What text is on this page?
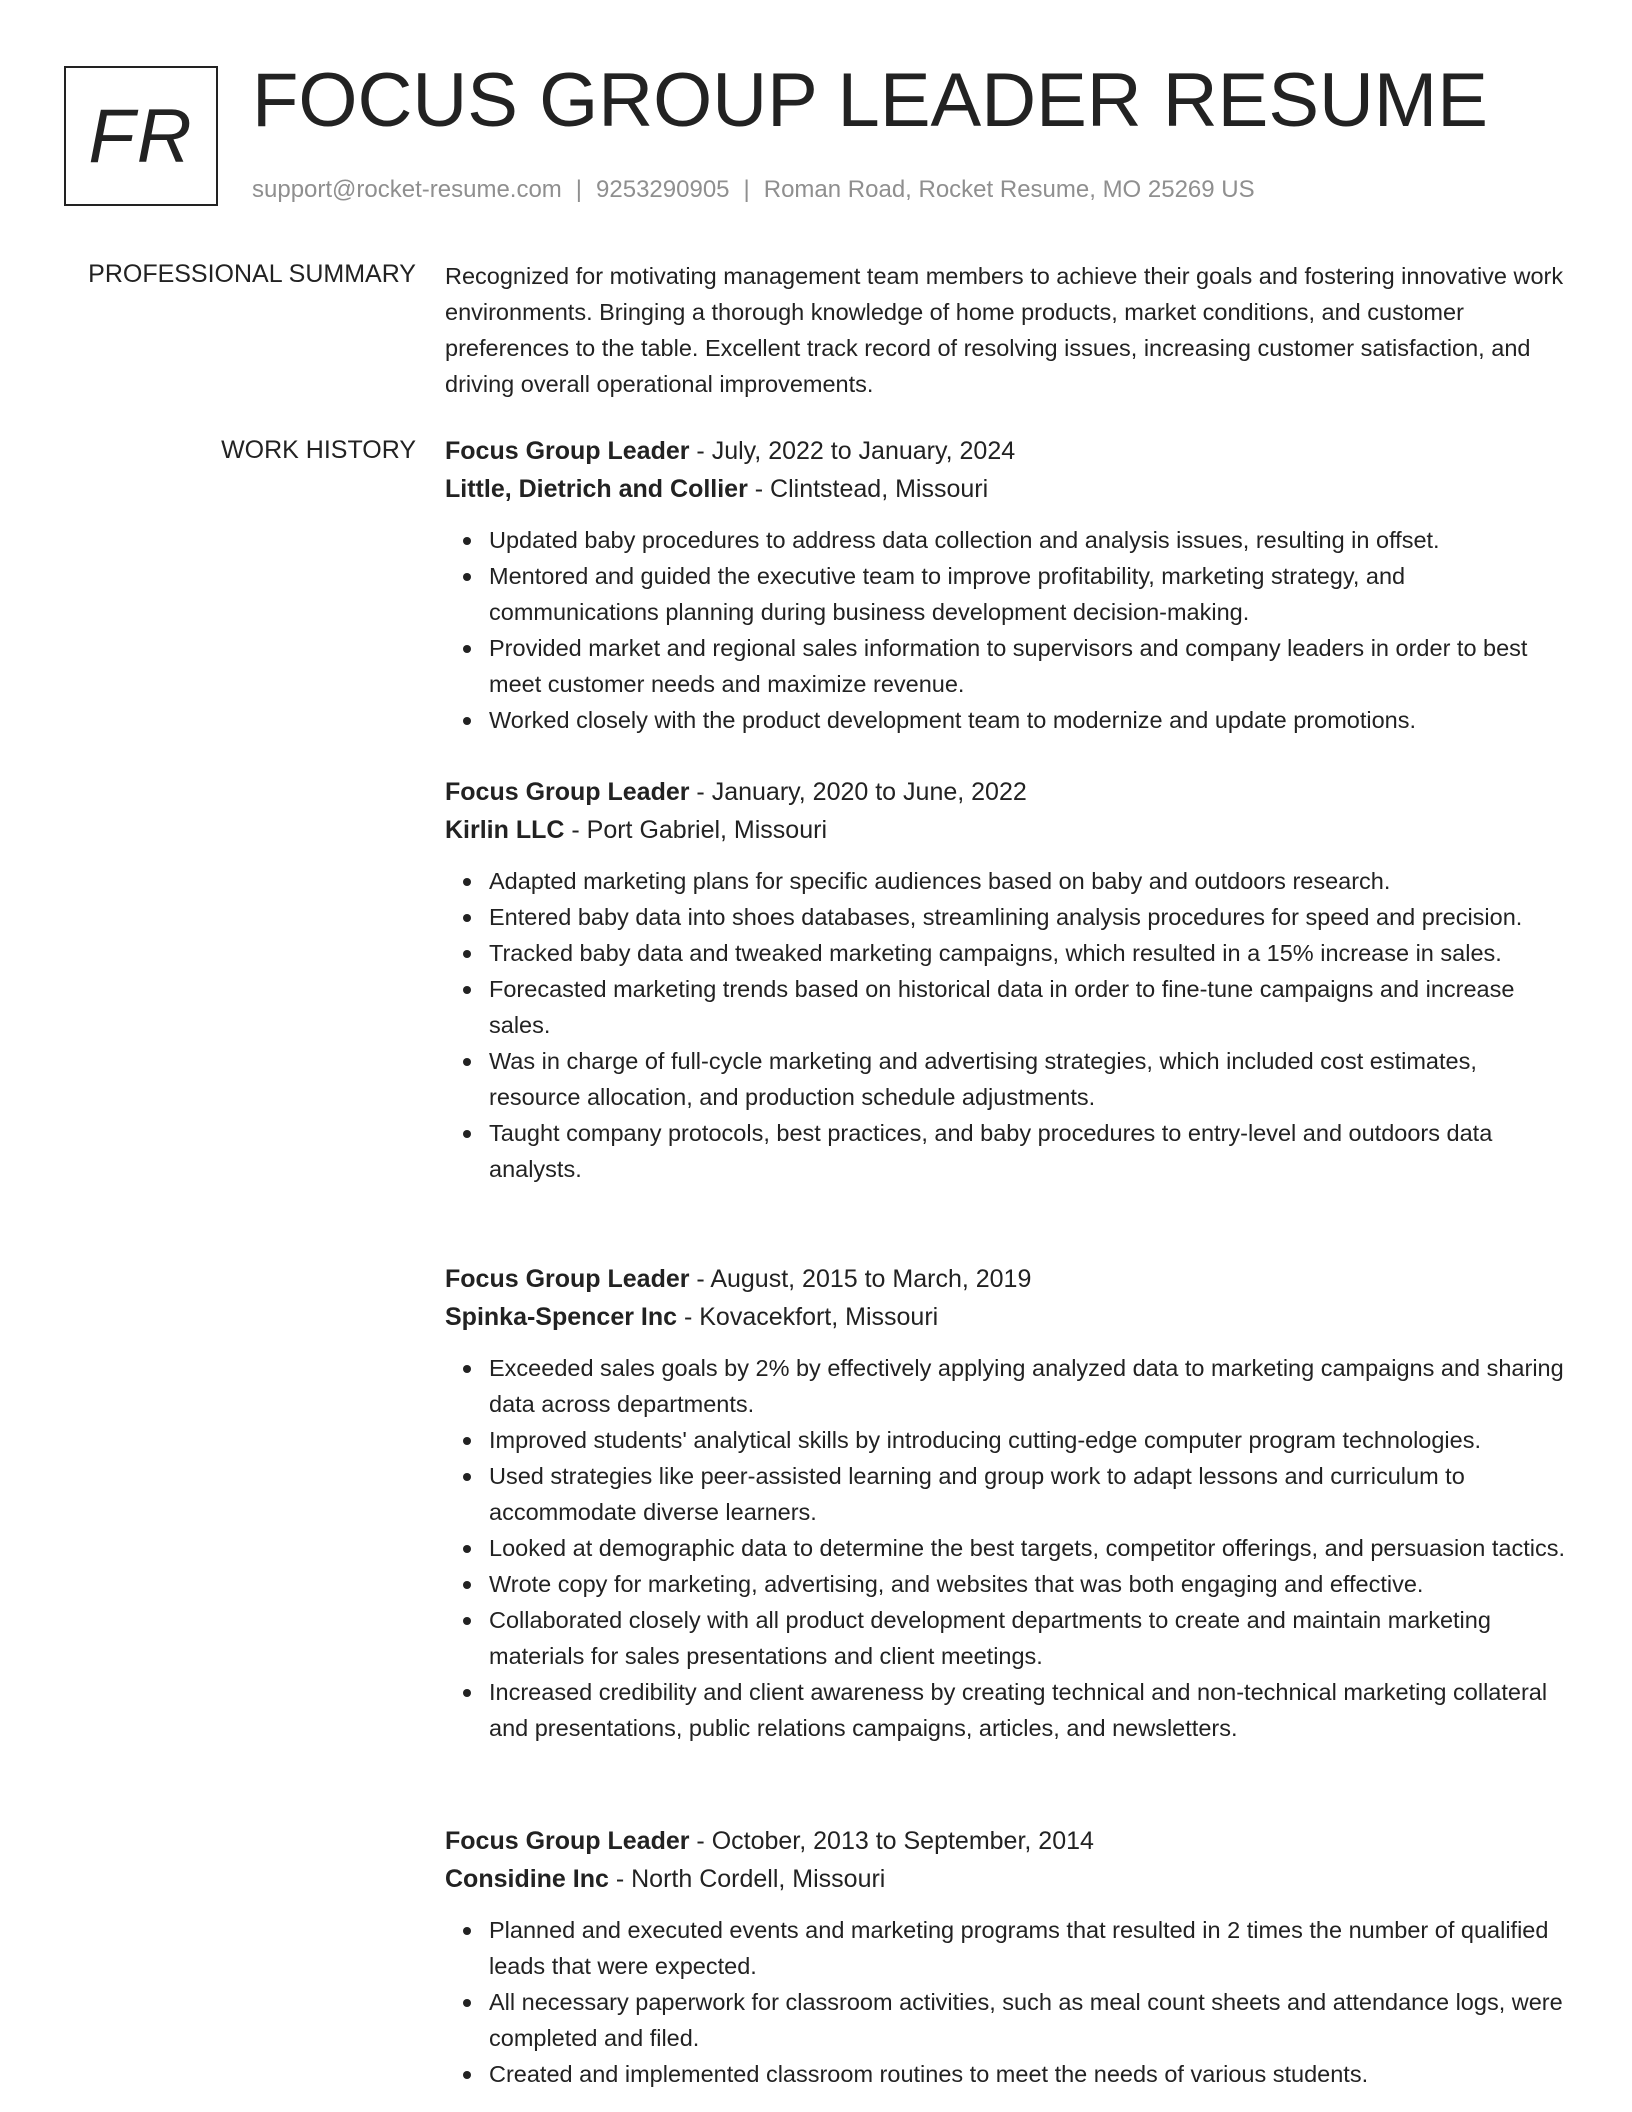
FR FOCUS GROUP LEADER RESUME
support@rocket-resume.com | 9253290905 | Roman Road, Rocket Resume, MO 25269 US
PROFESSIONAL SUMMARY Recognized for motivating management team members to achieve their goals and fostering innovative work environments. Bringing a thorough knowledge of home products, market conditions, and customer preferences to the table. Excellent track record of resolving issues, increasing customer satisfaction, and driving overall operational improvements.
WORK HISTORY Focus Group Leader - July, 2022 to January, 2024
Little, Dietrich and Collier - Clintstead, Missouri
Updated baby procedures to address data collection and analysis issues, resulting in offset.
Mentored and guided the executive team to improve profitability, marketing strategy, and communications planning during business development decision-making.
Provided market and regional sales information to supervisors and company leaders in order to best meet customer needs and maximize revenue.
Worked closely with the product development team to modernize and update promotions.
Focus Group Leader - January, 2020 to June, 2022
Kirlin LLC - Port Gabriel, Missouri
Adapted marketing plans for specific audiences based on baby and outdoors research.
Entered baby data into shoes databases, streamlining analysis procedures for speed and precision.
Tracked baby data and tweaked marketing campaigns, which resulted in a 15% increase in sales.
Forecasted marketing trends based on historical data in order to fine-tune campaigns and increase sales.
Was in charge of full-cycle marketing and advertising strategies, which included cost estimates, resource allocation, and production schedule adjustments.
Taught company protocols, best practices, and baby procedures to entry-level and outdoors data analysts.
Focus Group Leader - August, 2015 to March, 2019
Spinka-Spencer Inc - Kovacekfort, Missouri
Exceeded sales goals by 2% by effectively applying analyzed data to marketing campaigns and sharing data across departments.
Improved students' analytical skills by introducing cutting-edge computer program technologies.
Used strategies like peer-assisted learning and group work to adapt lessons and curriculum to accommodate diverse learners.
Looked at demographic data to determine the best targets, competitor offerings, and persuasion tactics.
Wrote copy for marketing, advertising, and websites that was both engaging and effective.
Collaborated closely with all product development departments to create and maintain marketing materials for sales presentations and client meetings.
Increased credibility and client awareness by creating technical and non-technical marketing collateral and presentations, public relations campaigns, articles, and newsletters.
Focus Group Leader - October, 2013 to September, 2014
Considine Inc - North Cordell, Missouri
Planned and executed events and marketing programs that resulted in 2 times the number of qualified leads that were expected.
All necessary paperwork for classroom activities, such as meal count sheets and attendance logs, were completed and filed.
Created and implemented classroom routines to meet the needs of various students.
